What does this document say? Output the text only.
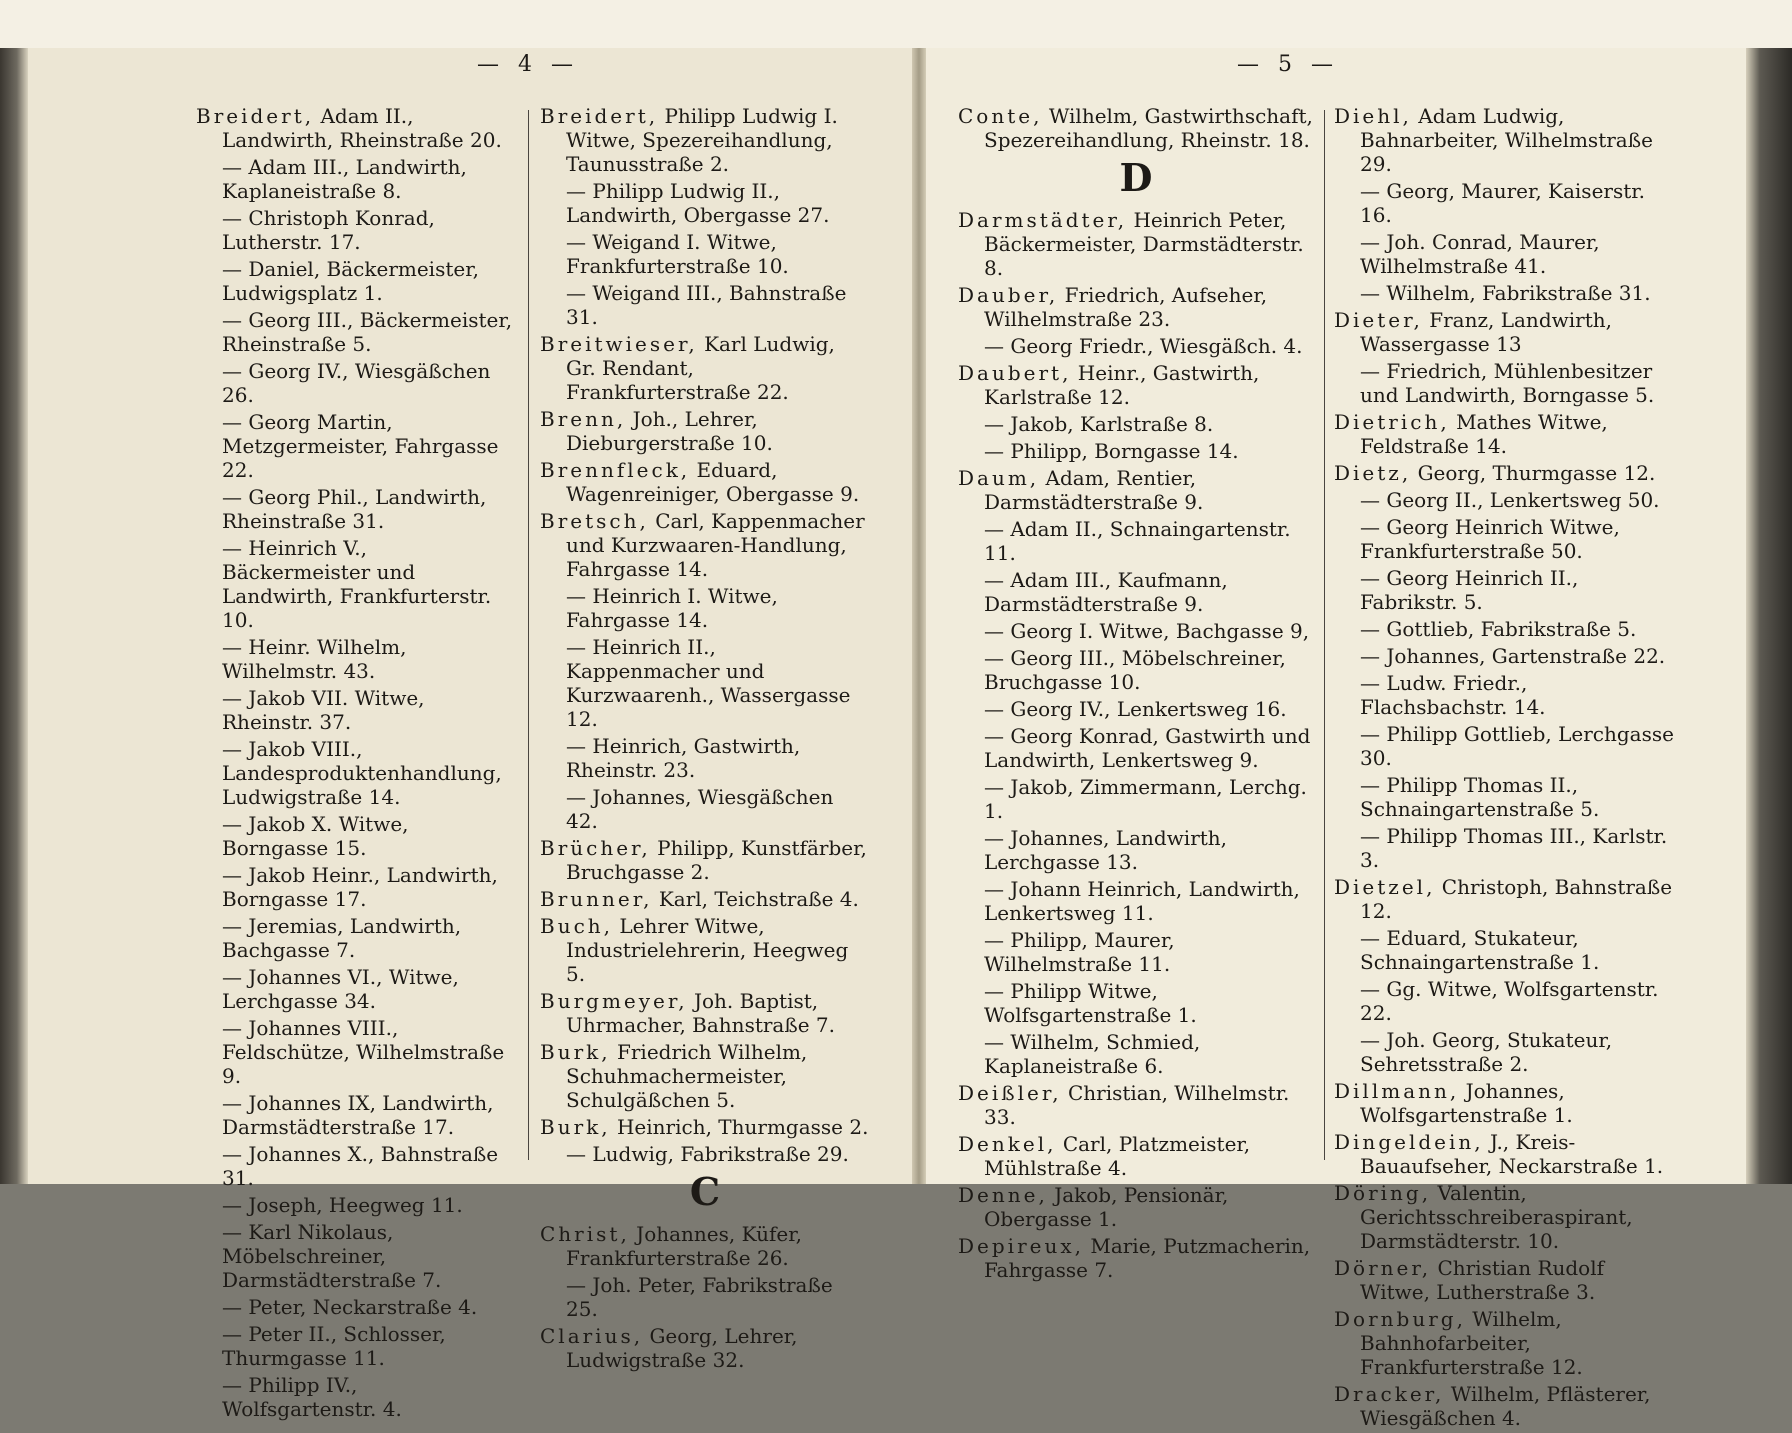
— 4 —	— 5 —
Breidert, Adam II., Landwirth, Rheinstraße 20.
— Adam III., Landwirth, Kaplaneistraße 8.
— Christoph Konrad, Lutherstr. 17.
— Daniel, Bäckermeister, Ludwigsplatz 1.
— Georg III., Bäckermeister, Rheinstraße 5.
— Georg IV., Wiesgäßchen 26.
— Georg Martin, Metzgermeister, Fahrgasse 22.
— Georg Phil., Landwirth, Rheinstraße 31.
— Heinrich V., Bäckermeister und Landwirth, Frankfurterstr. 10.
— Heinr. Wilhelm, Wilhelmstr. 43.
— Jakob VII. Witwe, Rheinstr. 37.
— Jakob VIII., Landesproduktenhandlung, Ludwigstraße 14.
— Jakob X. Witwe, Borngasse 15.
— Jakob Heinr., Landwirth, Borngasse 17.
— Jeremias, Landwirth, Bachgasse 7.
— Johannes VI., Witwe, Lerchgasse 34.
— Johannes VIII., Feldschütze, Wilhelmstraße 9.
— Johannes IX, Landwirth, Darmstädterstraße 17.
— Johannes X., Bahnstraße 31.
— Joseph, Heegweg 11.
— Karl Nikolaus, Möbelschreiner, Darmstädterstraße 7.
— Peter, Neckarstraße 4.
— Peter II., Schlosser, Thurmgasse 11.
— Philipp IV., Wolfsgartenstr. 4.
Breidert, Philipp Ludwig I. Witwe, Spezereihandlung, Taunusstraße 2.
— Philipp Ludwig II., Landwirth, Obergasse 27.
— Weigand I. Witwe, Frankfurterstraße 10.
— Weigand III., Bahnstraße 31.
Breitwieser, Karl Ludwig, Gr. Rendant, Frankfurterstraße 22.
Brenn, Joh., Lehrer, Dieburgerstraße 10.
Brennfleck, Eduard, Wagenreiniger, Obergasse 9.
Bretsch, Carl, Kappenmacher und Kurzwaaren-Handlung, Fahrgasse 14.
— Heinrich I. Witwe, Fahrgasse 14.
— Heinrich II., Kappenmacher und Kurzwaarenh., Wassergasse 12.
— Heinrich, Gastwirth, Rheinstr. 23.
— Johannes, Wiesgäßchen 42.
Brücher, Philipp, Kunstfärber, Bruchgasse 2.
Brunner, Karl, Teichstraße 4.
Buch, Lehrer Witwe, Industrielehrerin, Heegweg 5.
Burgmeyer, Joh. Baptist, Uhrmacher, Bahnstraße 7.
Burk, Friedrich Wilhelm, Schuhmachermeister, Schulgäßchen 5.
Burk, Heinrich, Thurmgasse 2.
— Ludwig, Fabrikstraße 29.
C
Christ, Johannes, Küfer, Frankfurterstraße 26.
— Joh. Peter, Fabrikstraße 25.
Clarius, Georg, Lehrer, Ludwigstraße 32.
Conte, Wilhelm, Gastwirthschaft, Spezereihandlung, Rheinstr. 18.
D
Darmstädter, Heinrich Peter, Bäckermeister, Darmstädterstr. 8.
Dauber, Friedrich, Aufseher, Wilhelmstraße 23.
— Georg Friedr., Wiesgäßch. 4.
Daubert, Heinr., Gastwirth, Karlstraße 12.
— Jakob, Karlstraße 8.
— Philipp, Borngasse 14.
Daum, Adam, Rentier, Darmstädterstraße 9.
— Adam II., Schnaingartenstr. 11.
— Adam III., Kaufmann, Darmstädterstraße 9.
— Georg I. Witwe, Bachgasse 9,
— Georg III., Möbelschreiner, Bruchgasse 10.
— Georg IV., Lenkertsweg 16.
— Georg Konrad, Gastwirth und Landwirth, Lenkertsweg 9.
— Jakob, Zimmermann, Lerchg. 1.
— Johannes, Landwirth, Lerchgasse 13.
— Johann Heinrich, Landwirth, Lenkertsweg 11.
— Philipp, Maurer, Wilhelmstraße 11.
— Philipp Witwe, Wolfsgartenstraße 1.
— Wilhelm, Schmied, Kaplaneistraße 6.
Deißler, Christian, Wilhelmstr. 33.
Denkel, Carl, Platzmeister, Mühlstraße 4.
Denne, Jakob, Pensionär, Obergasse 1.
Depireux, Marie, Putzmacherin, Fahrgasse 7.
Diehl, Adam Ludwig, Bahnarbeiter, Wilhelmstraße 29.
— Georg, Maurer, Kaiserstr. 16.
— Joh. Conrad, Maurer, Wilhelmstraße 41.
— Wilhelm, Fabrikstraße 31.
Dieter, Franz, Landwirth, Wassergasse 13
— Friedrich, Mühlenbesitzer und Landwirth, Borngasse 5.
Dietrich, Mathes Witwe, Feldstraße 14.
Dietz, Georg, Thurmgasse 12.
— Georg II., Lenkertsweg 50.
— Georg Heinrich Witwe, Frankfurterstraße 50.
— Georg Heinrich II., Fabrikstr. 5.
— Gottlieb, Fabrikstraße 5.
— Johannes, Gartenstraße 22.
— Ludw. Friedr., Flachsbachstr. 14.
— Philipp Gottlieb, Lerchgasse 30.
— Philipp Thomas II., Schnaingartenstraße 5.
— Philipp Thomas III., Karlstr. 3.
Dietzel, Christoph, Bahnstraße 12.
— Eduard, Stukateur, Schnaingartenstraße 1.
— Gg. Witwe, Wolfsgartenstr. 22.
— Joh. Georg, Stukateur, Sehretsstraße 2.
Dillmann, Johannes, Wolfsgartenstraße 1.
Dingeldein, J., Kreis-Bauaufseher, Neckarstraße 1.
Döring, Valentin, Gerichtsschreiberaspirant, Darmstädterstr. 10.
Dörner, Christian Rudolf Witwe, Lutherstraße 3.
Dornburg, Wilhelm, Bahnhofarbeiter, Frankfurterstraße 12.
Dracker, Wilhelm, Pflästerer, Wiesgäßchen 4.
